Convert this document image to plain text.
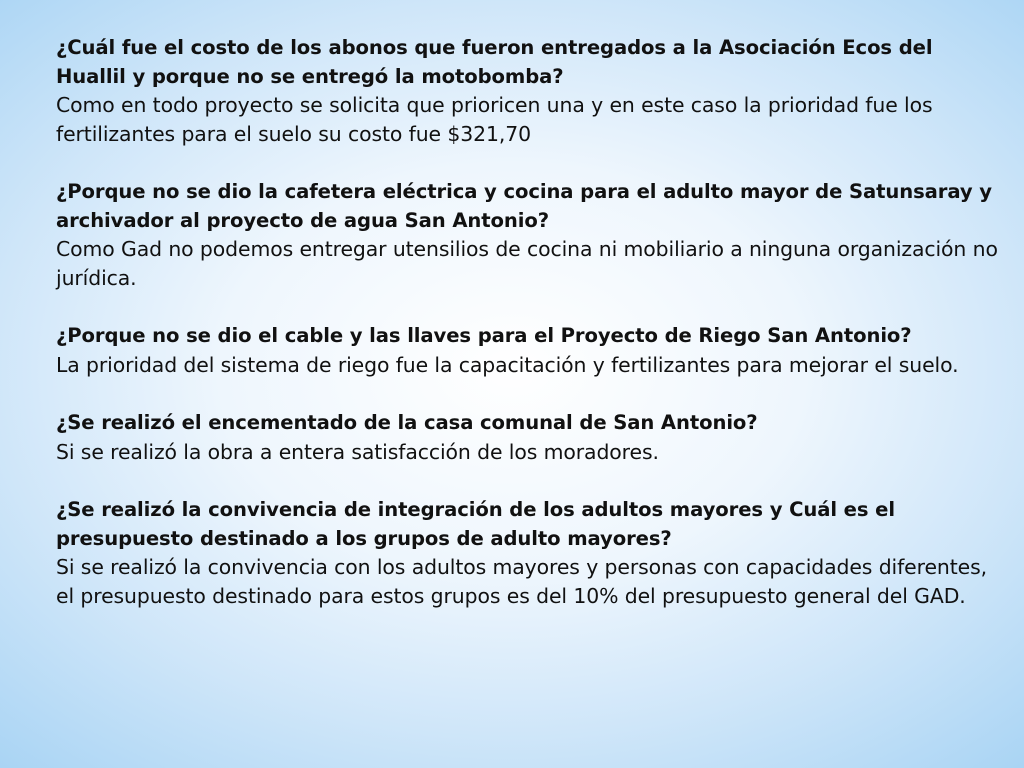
¿Cuál fue el costo de los abonos que fueron entregados a la Asociación Ecos del Huallil y porque no se entregó la motobomba?

Como en todo proyecto se solicita que prioricen una y en este caso la prioridad fue los fertilizantes para el suelo su costo fue $321,70

¿Porque no se dio la cafetera eléctrica y cocina para el adulto mayor de Satunsaray y archivador al proyecto de agua San Antonio?

Como Gad no podemos entregar utensilios de cocina ni mobiliario a ninguna organización no jurídica.

¿Porque no se dio el cable y las llaves para el Proyecto de Riego San Antonio?

La prioridad del sistema de riego fue la capacitación y fertilizantes para mejorar el suelo.

¿Se realizó el encementado de la casa comunal de San Antonio?

Si se realizó la obra a entera satisfacción de los moradores.

¿Se realizó la convivencia de integración de los adultos mayores y Cuál es el presupuesto destinado a los grupos de adulto mayores?

Si se realizó la convivencia con los adultos mayores y personas con capacidades diferentes, el presupuesto destinado para estos grupos es del 10% del presupuesto general del GAD.
